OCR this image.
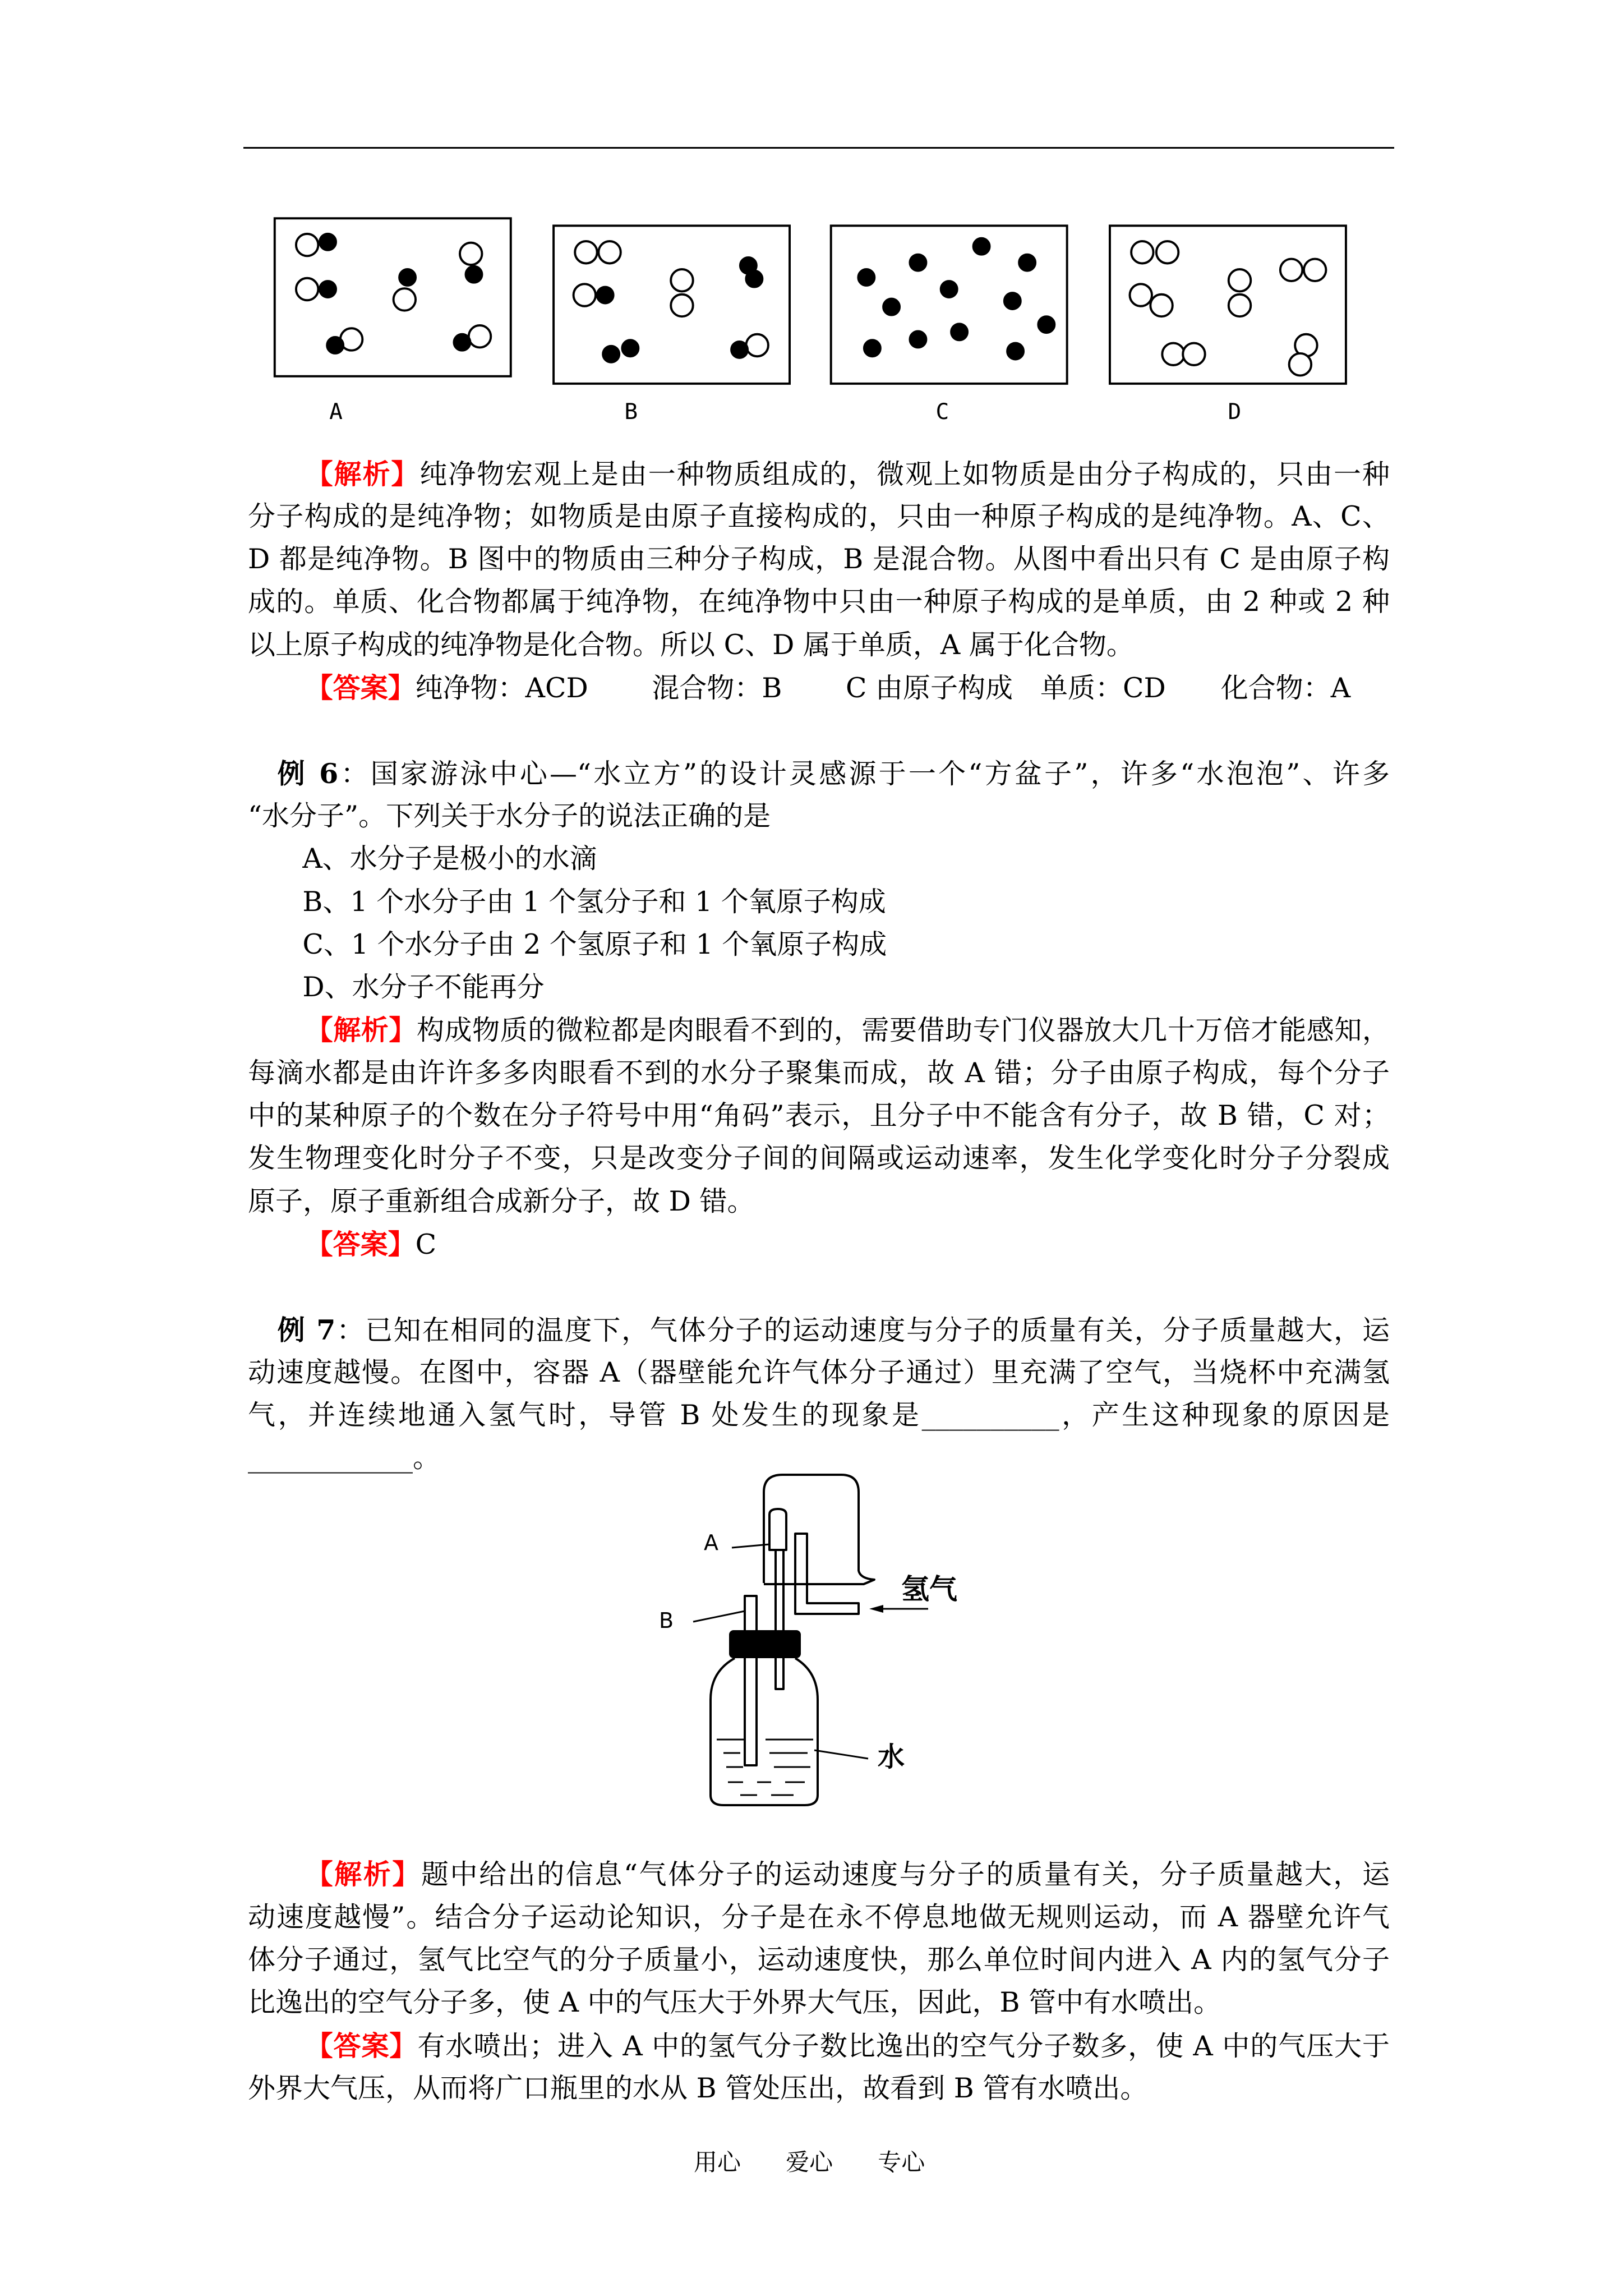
A	B	C	D
【解析】纯净物宏观上是由一种物质组成的，微观上如物质是由分子构成的，只由一种
分子构成的是纯净物；如物质是由原子直接构成的，只由一种原子构成的是纯净物。A、C、
D 都是纯净物。B 图中的物质由三种分子构成，B 是混合物。从图中看出只有 C 是由原子构
成的。单质、化合物都属于纯净物，在纯净物中只由一种原子构成的是单质，由 2 种或 2 种
以上原子构成的纯净物是化合物。所以 C、D 属于单质，A 属于化合物。
【答案】纯净物：ACD　　 混合物：B　　 C 由原子构成　单质：CD　　化合物：A
例 6：国家游泳中心—“水立方”的设计灵感源于一个“方盆子”，许多“水泡泡”、许多
“水分子”。下列关于水分子的说法正确的是
A、水分子是极小的水滴
B、1 个水分子由 1 个氢分子和 1 个氧原子构成
C、1 个水分子由 2 个氢原子和 1 个氧原子构成
D、水分子不能再分
【解析】构成物质的微粒都是肉眼看不到的，需要借助专门仪器放大几十万倍才能感知，
每滴水都是由许许多多肉眼看不到的水分子聚集而成，故 A 错；分子由原子构成，每个分子
中的某种原子的个数在分子符号中用“角码”表示，且分子中不能含有分子，故 B 错，C 对；
发生物理变化时分子不变，只是改变分子间的间隔或运动速率，发生化学变化时分子分裂成
原子，原子重新组合成新分子，故 D 错。
【答案】C
例 7：已知在相同的温度下，气体分子的运动速度与分子的质量有关，分子质量越大，运
动速度越慢。在图中，容器 A（器壁能允许气体分子通过）里充满了空气，当烧杯中充满氢
气，并连续地通入氢气时，导管 B 处发生的现象是__________，产生这种现象的原因是
____________。
【解析】题中给出的信息“气体分子的运动速度与分子的质量有关，分子质量越大，运
动速度越慢”。结合分子运动论知识，分子是在永不停息地做无规则运动，而 A 器壁允许气
体分子通过，氢气比空气的分子质量小，运动速度快，那么单位时间内进入 A 内的氢气分子
比逸出的空气分子多，使 A 中的气压大于外界大气压，因此，B 管中有水喷出。
【答案】有水喷出；进入 A 中的氢气分子数比逸出的空气分子数多，使 A 中的气压大于
外界大气压，从而将广口瓶里的水从 B 管处压出，故看到 B 管有水喷出。
A
B
氢气
水
用心 爱心 专心
